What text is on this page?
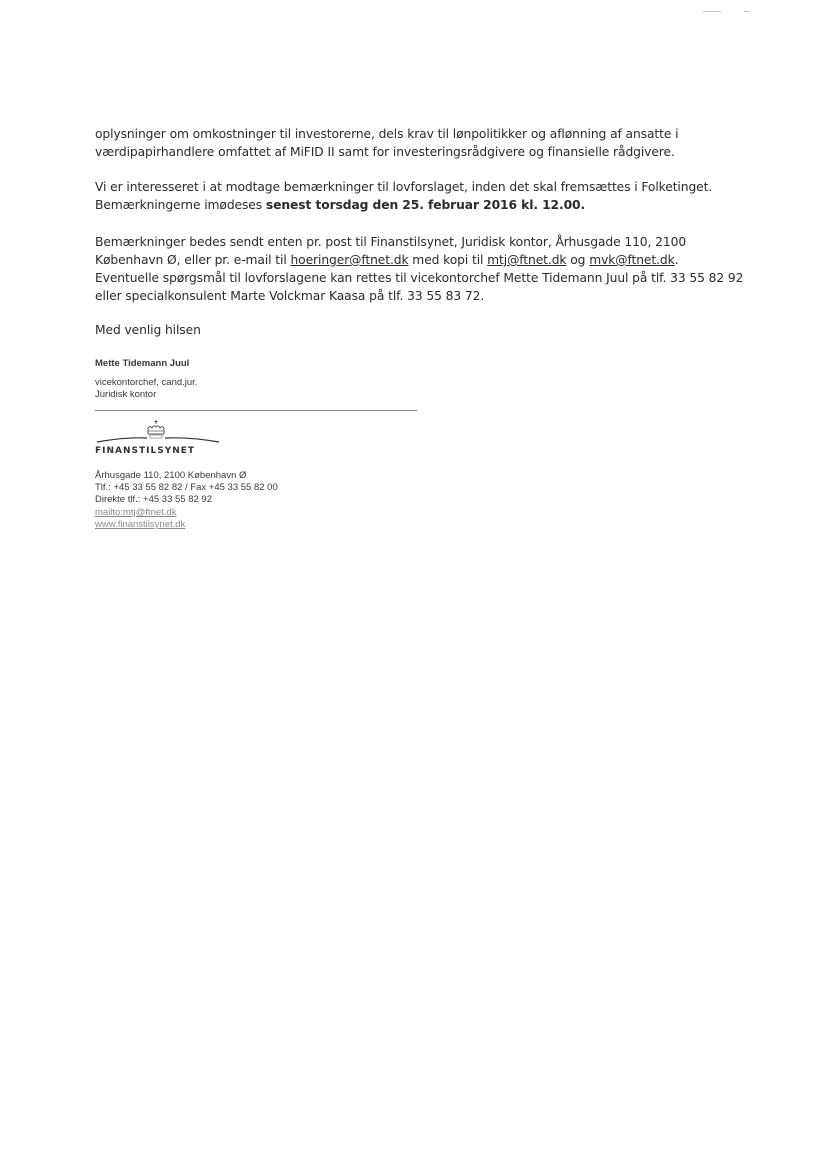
oplysninger om omkostninger til investorerne, dels krav til lønpolitikker og aflønning af ansatte i

værdipapirhandlere omfattet af MiFID II samt for investeringsrådgivere og finansielle rådgivere.

Vi er interesseret i at modtage bemærkninger til lovforslaget, inden det skal fremsættes i Folketinget.

Bemærkningerne imødeses senest torsdag den 25. februar 2016 kl. 12.00.

Bemærkninger bedes sendt enten pr. post til Finanstilsynet, Juridisk kontor, Århusgade 110, 2100

København Ø, eller pr. e-mail til hoeringer@ftnet.dk med kopi til mtj@ftnet.dk og mvk@ftnet.dk.

Eventuelle spørgsmål til lovforslagene kan rettes til vicekontorchef Mette Tidemann Juul på tlf. 33 55 82 92

eller specialkonsulent Marte Volckmar Kaasa på tlf. 33 55 83 72.

Med venlig hilsen

Mette Tidemann Juul
vicekontorchef, cand.jur.
Juridisk kontor
FINANSTILSYNET
Århusgade 110, 2100 København Ø
Tlf.: +45 33 55 82 82 / Fax +45 33 55 82 00
Direkte tlf.: +45 33 55 82 92
mailto:mtj@ftnet.dk
www.finanstilsynet.dk
